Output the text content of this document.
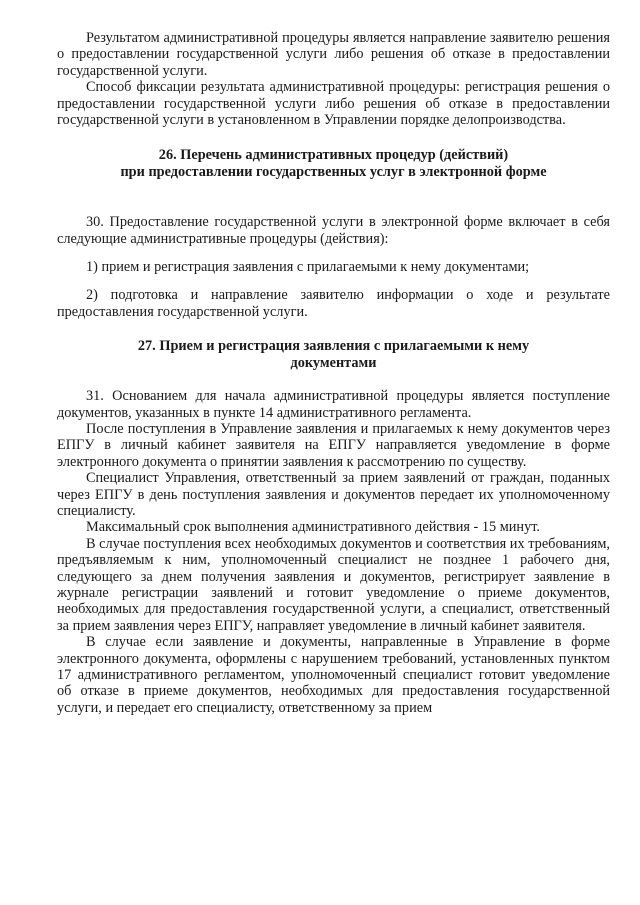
Результатом административной процедуры является направление заявителю решения о предоставлении государственной услуги либо решения об отказе в предоставлении государственной услуги.

Способ фиксации результата административной процедуры: регистрация решения о предоставлении государственной услуги либо решения об отказе в предоставлении государственной услуги в установленном в Управлении порядке делопроизводства.

26. Перечень административных процедур (действий)
при предоставлении государственных услуг в электронной форме

30. Предоставление государственной услуги в электронной форме включает в себя следующие административные процедуры (действия):

1) прием и регистрация заявления с прилагаемыми к нему документами;

2) подготовка и направление заявителю информации о ходе и результате предоставления государственной услуги.

27. Прием и регистрация заявления с прилагаемыми к нему
документами

31. Основанием для начала административной процедуры является поступление документов, указанных в пункте 14 административного регламента.

После поступления в Управление заявления и прилагаемых к нему документов через ЕПГУ в личный кабинет заявителя на ЕПГУ направляется уведомление в форме электронного документа о принятии заявления к рассмотрению по существу.

Специалист Управления, ответственный за прием заявлений от граждан, поданных через ЕПГУ в день поступления заявления и документов передает их уполномоченному специалисту.

Максимальный срок выполнения административного действия - 15 минут.

В случае поступления всех необходимых документов и соответствия их требованиям, предъявляемым к ним, уполномоченный специалист не позднее 1 рабочего дня, следующего за днем получения заявления и документов, регистрирует заявление в журнале регистрации заявлений и готовит уведомление о приеме документов, необходимых для предоставления государственной услуги, а специалист, ответственный за прием заявления через ЕПГУ, направляет уведомление в личный кабинет заявителя.

В случае если заявление и документы, направленные в Управление в форме электронного документа, оформлены с нарушением требований, установленных пунктом 17 административного регламентом, уполномоченный специалист готовит уведомление об отказе в приеме документов, необходимых для предоставления государственной услуги, и передает его специалисту, ответственному за прием
